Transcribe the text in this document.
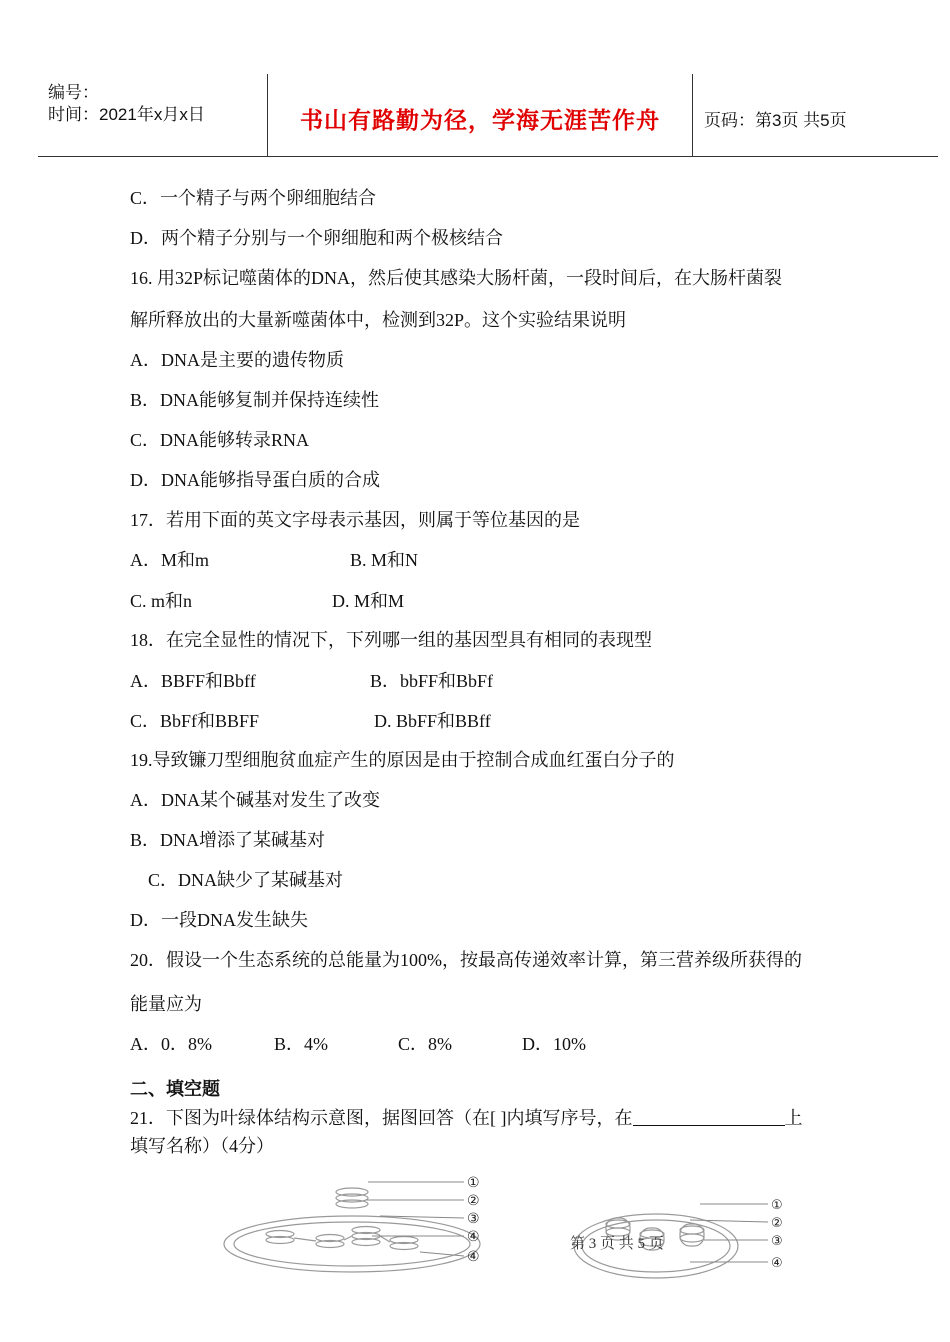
编号：
时间：2021年x月x日	书山有路勤为径，学海无涯苦作舟	页码：第3页 共5页
C．一个精子与两个卵细胞结合
D．两个精子分别与一个卵细胞和两个极核结合
16. 用32P标记噬菌体的DNA，然后使其感染大肠杆菌，一段时间后，在大肠杆菌裂
解所释放出的大量新噬菌体中，检测到32P。这个实验结果说明
A．DNA是主要的遗传物质
B．DNA能够复制并保持连续性
C．DNA能够转录RNA
D．DNA能够指导蛋白质的合成
17．若用下面的英文字母表示基因，则属于等位基因的是
A．M和m	B. M和N
C. m和n	D. M和M
18．在完全显性的情况下，下列哪一组的基因型具有相同的表现型
A．BBFF和Bbff	B．bbFF和BbFf
C．BbFf和BBFF	D. BbFF和BBff
19.导致镰刀型细胞贫血症产生的原因是由于控制合成血红蛋白分子的
A．DNA某个碱基对发生了改变
B．DNA增添了某碱基对
C．DNA缺少了某碱基对
D．一段DNA发生缺失
20．假设一个生态系统的总能量为100%，按最高传递效率计算，第三营养级所获得的
能量应为
A．0．8%	B．4%	C．8%	D．10%
二、填空题
21．下图为叶绿体结构示意图，据图回答（在[ ]内填写序号，在	上
填写名称）（4分）
①
②
③
④
④
①
②
③
④
第 3 页 共 5 页
